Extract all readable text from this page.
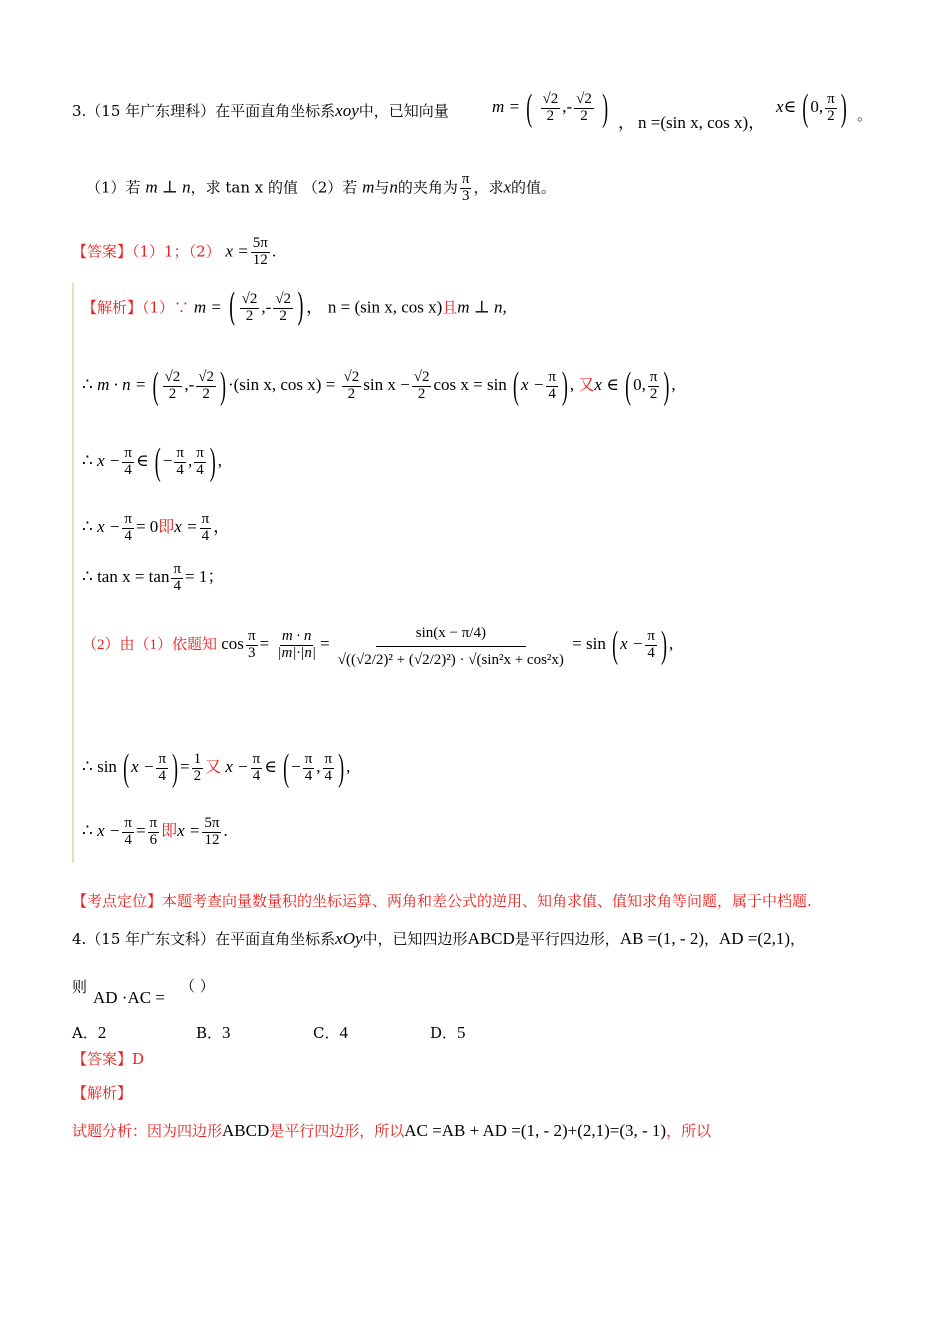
3.（15 年广东理科）在平面直角坐标系xoy中，已知向量	m = ( $\frac{√2}{2}$ ,- $\frac{√2}{2}$ ) ， n =(sin x, cos x)，
x∈ ( 0, $\frac{\pi}{2}$ ) 。
（1）若 m ⊥ n，求 tan x 的值 （2）若 m与n的夹角为 $\frac{\pi}{3}$ ，求x的值。
【答案】（1）1；（2） $x = \frac{5\pi}{12}$ .
【解析】（1）∵ m = ( $\frac{√2}{2}$ ,- $\frac{√2}{2}$ ) ， n = (sin x, cos x)且m ⊥ n,
∴ m · n = ( $\frac{√2}{2}$ ,- $\frac{√2}{2}$ ) ·(sin x, $\cos x) = \frac{√2}{2}$ $\sin x - \frac{√2}{2}$ cos x = sin ( $x - \frac{\pi}{4}$ ) , 又x ∈ ( 0, $\frac{\pi}{2}$ ) ,
∴ $x - \frac{\pi}{4}$ ∈ ( − $\frac{\pi}{4}$ , $\frac{\pi}{4}$ ) ,
∴ $x - \frac{\pi}{4} = 0$即$x = \frac{\pi}{4}$ ，
∴ $\tan x = \tan \frac{\pi}{4} = 1$；
（2）由（1）依题知 $\cos \frac{\pi}{3} = \frac{m \cdot n}{|m|\cdot|n|} = \frac{\sin(x - \pi/4)}{\text{√((√2/2)² + (√2/2)²) · √(sin²x + cos²x)}} = \sin$ ( $x - \frac{\pi}{4}$ ) ,
∴ sin ( $x - \frac{\pi}{4}$ ) = $\frac{1}{2}$ 又 $x - \frac{\pi}{4}$ ∈ ( − $\frac{\pi}{4}$ , $\frac{\pi}{4}$ ) ,
∴ $x - \frac{\pi}{4} = \frac{\pi}{6}$ 即$x = \frac{5\pi}{12}$ .
【考点定位】本题考查向量数量积的坐标运算、两角和差公式的逆用、知角求值、值知求角等问题，属于中档题.
4.（15 年广东文科）在平面直角坐标系xOy中，已知四边形ABCD是平行四边形，AB =(1, - 2)，AD =(2,1)，
则
AD ·AC =
（ ）
A．2	B．3	C．4	D．5
【答案】D
【解析】
试题分析：因为四边形ABCD是平行四边形，所以AC =AB + AD =(1, - 2)+(2,1)=(3, - 1)，所以
